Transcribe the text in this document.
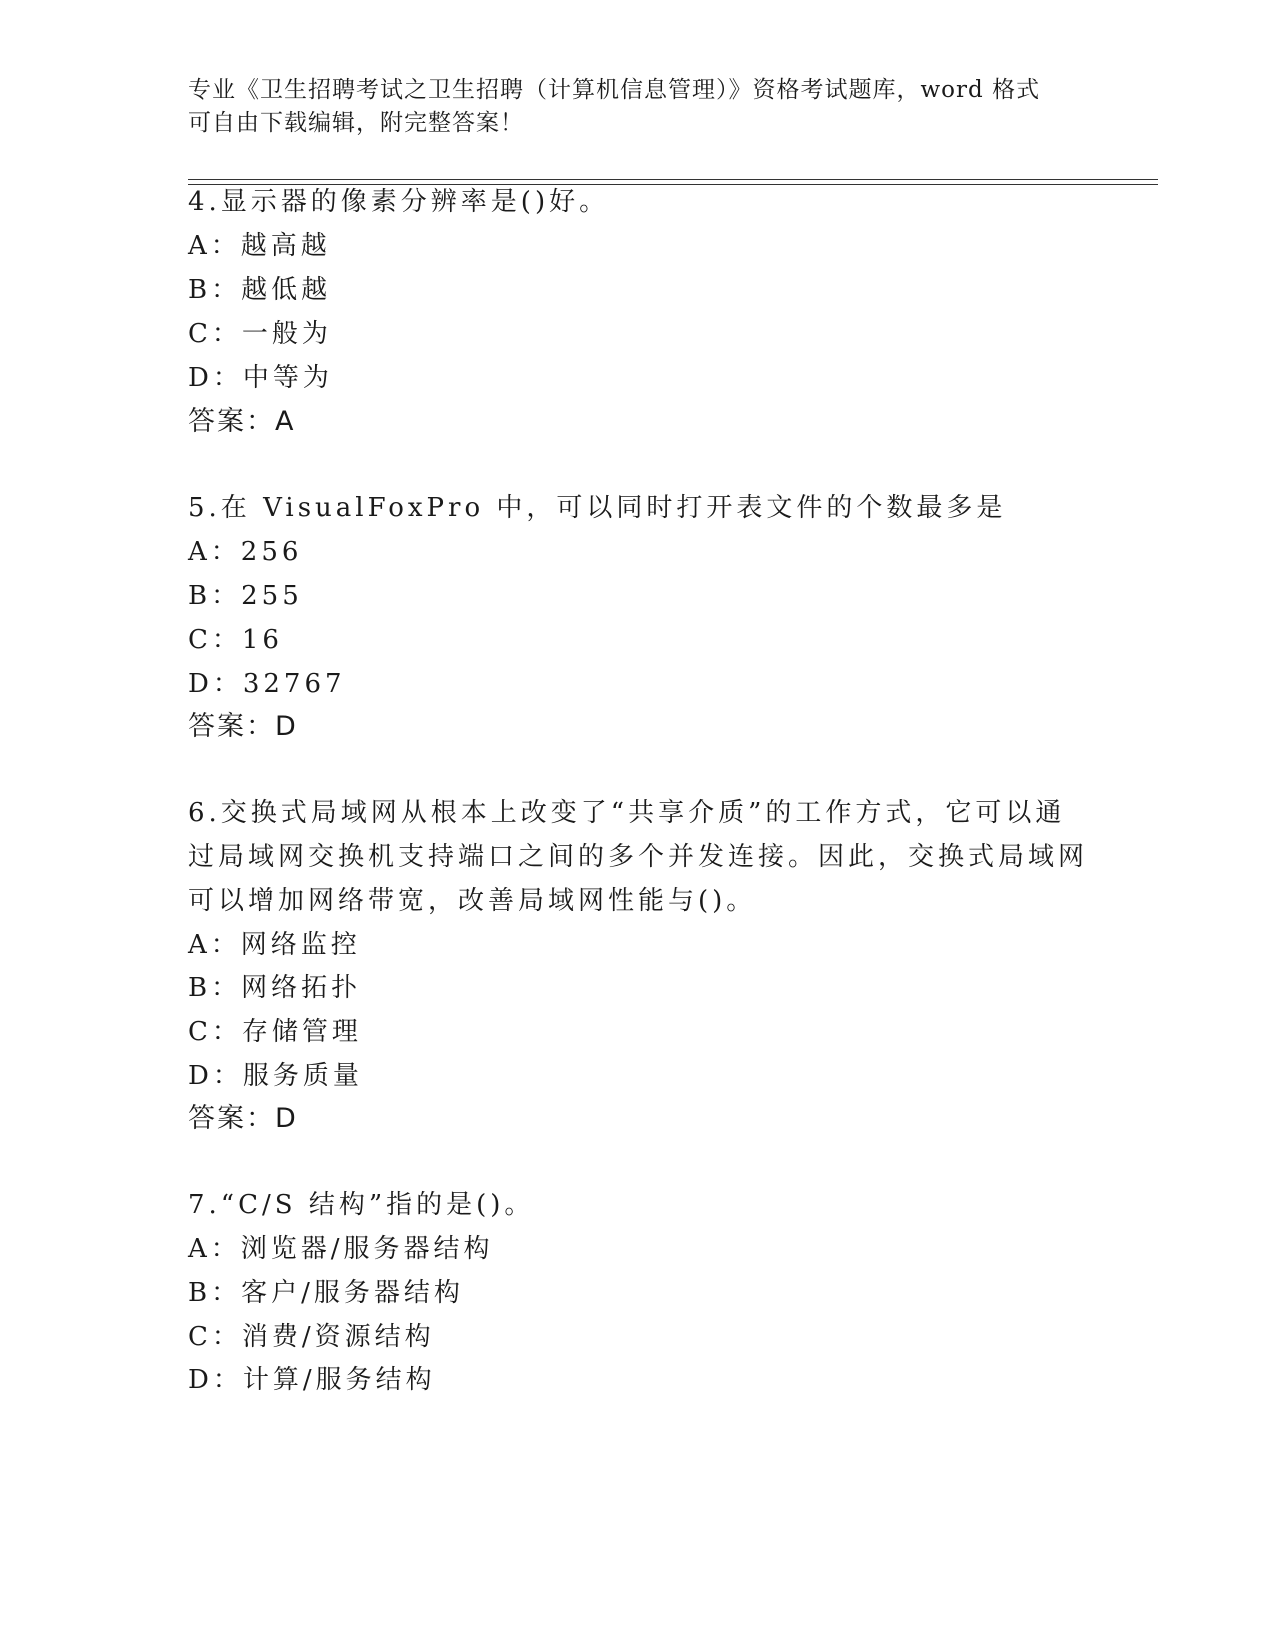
专业《卫生招聘考试之卫生招聘（计算机信息管理）》资格考试题库，word 格式
可自由下载编辑，附完整答案！
4.显示器的像素分辨率是()好。
A：越高越
B：越低越
C：一般为
D：中等为
答案：A
5.在 VisualFoxPro 中，可以同时打开表文件的个数最多是
A：256
B：255
C：16
D：32767
答案：D
6.交换式局域网从根本上改变了“共享介质”的工作方式，它可以通
过局域网交换机支持端口之间的多个并发连接。因此，交换式局域网
可以增加网络带宽，改善局域网性能与()。
A：网络监控
B：网络拓扑
C：存储管理
D：服务质量
答案：D
7.“C/S 结构”指的是()。
A：浏览器/服务器结构
B：客户/服务器结构
C：消费/资源结构
D：计算/服务结构
